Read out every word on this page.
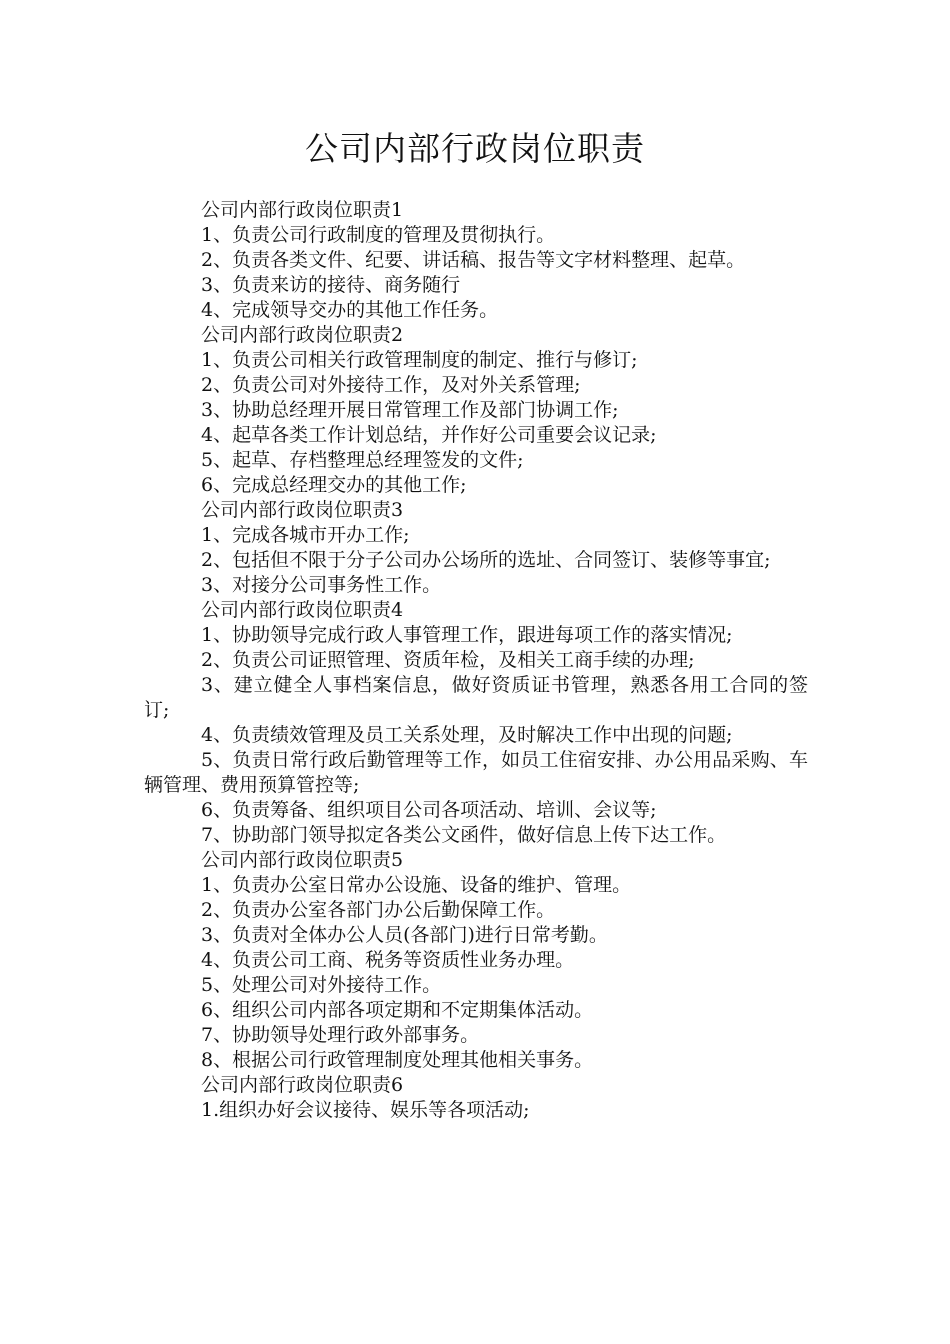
公司内部行政岗位职责

公司内部行政岗位职责1

1、负责公司行政制度的管理及贯彻执行。

2、负责各类文件、纪要、讲话稿、报告等文字材料整理、起草。

3、负责来访的接待、商务随行

4、完成领导交办的其他工作任务。

公司内部行政岗位职责2

1、负责公司相关行政管理制度的制定、推行与修订;

2、负责公司对外接待工作，及对外关系管理;

3、协助总经理开展日常管理工作及部门协调工作;

4、起草各类工作计划总结，并作好公司重要会议记录;

5、起草、存档整理总经理签发的文件;

6、完成总经理交办的其他工作;

公司内部行政岗位职责3

1、完成各城市开办工作;

2、包括但不限于分子公司办公场所的选址、合同签订、装修等事宜;

3、对接分公司事务性工作。

公司内部行政岗位职责4

1、协助领导完成行政人事管理工作，跟进每项工作的落实情况;

2、负责公司证照管理、资质年检，及相关工商手续的办理;

3、建立健全人事档案信息，做好资质证书管理，熟悉各用工合同的签订;

4、负责绩效管理及员工关系处理，及时解决工作中出现的问题;

5、负责日常行政后勤管理等工作，如员工住宿安排、办公用品采购、车辆管理、费用预算管控等;

6、负责筹备、组织项目公司各项活动、培训、会议等;

7、协助部门领导拟定各类公文函件，做好信息上传下达工作。

公司内部行政岗位职责5

1、负责办公室日常办公设施、设备的维护、管理。

2、负责办公室各部门办公后勤保障工作。

3、负责对全体办公人员(各部门)进行日常考勤。

4、负责公司工商、税务等资质性业务办理。

5、处理公司对外接待工作。

6、组织公司内部各项定期和不定期集体活动。

7、协助领导处理行政外部事务。

8、根据公司行政管理制度处理其他相关事务。

公司内部行政岗位职责6

1.组织办好会议接待、娱乐等各项活动;
